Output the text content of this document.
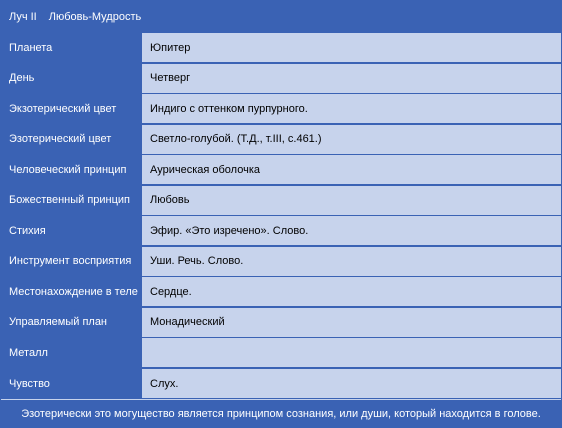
Луч II Любовь-Мудрость
Планета	Юпитер
День	Четверг
Экзотерический цвет	Индиго с оттенком пурпурного.
Эзотерический цвет	Светло-голубой. (Т.Д., т.III, с.461.)
Человеческий принцип	Аурическая оболочка
Божественный принцип	Любовь
Стихия	Эфир. «Это изречено». Слово.
Инструмент восприятия	Уши. Речь. Слово.
Местонахождение в теле	Сердце.
Управляемый план	Монадический
Металл
Чувство	Слух.
Эзотерически это могущество является принципом сознания, или души, который находится в голове.
